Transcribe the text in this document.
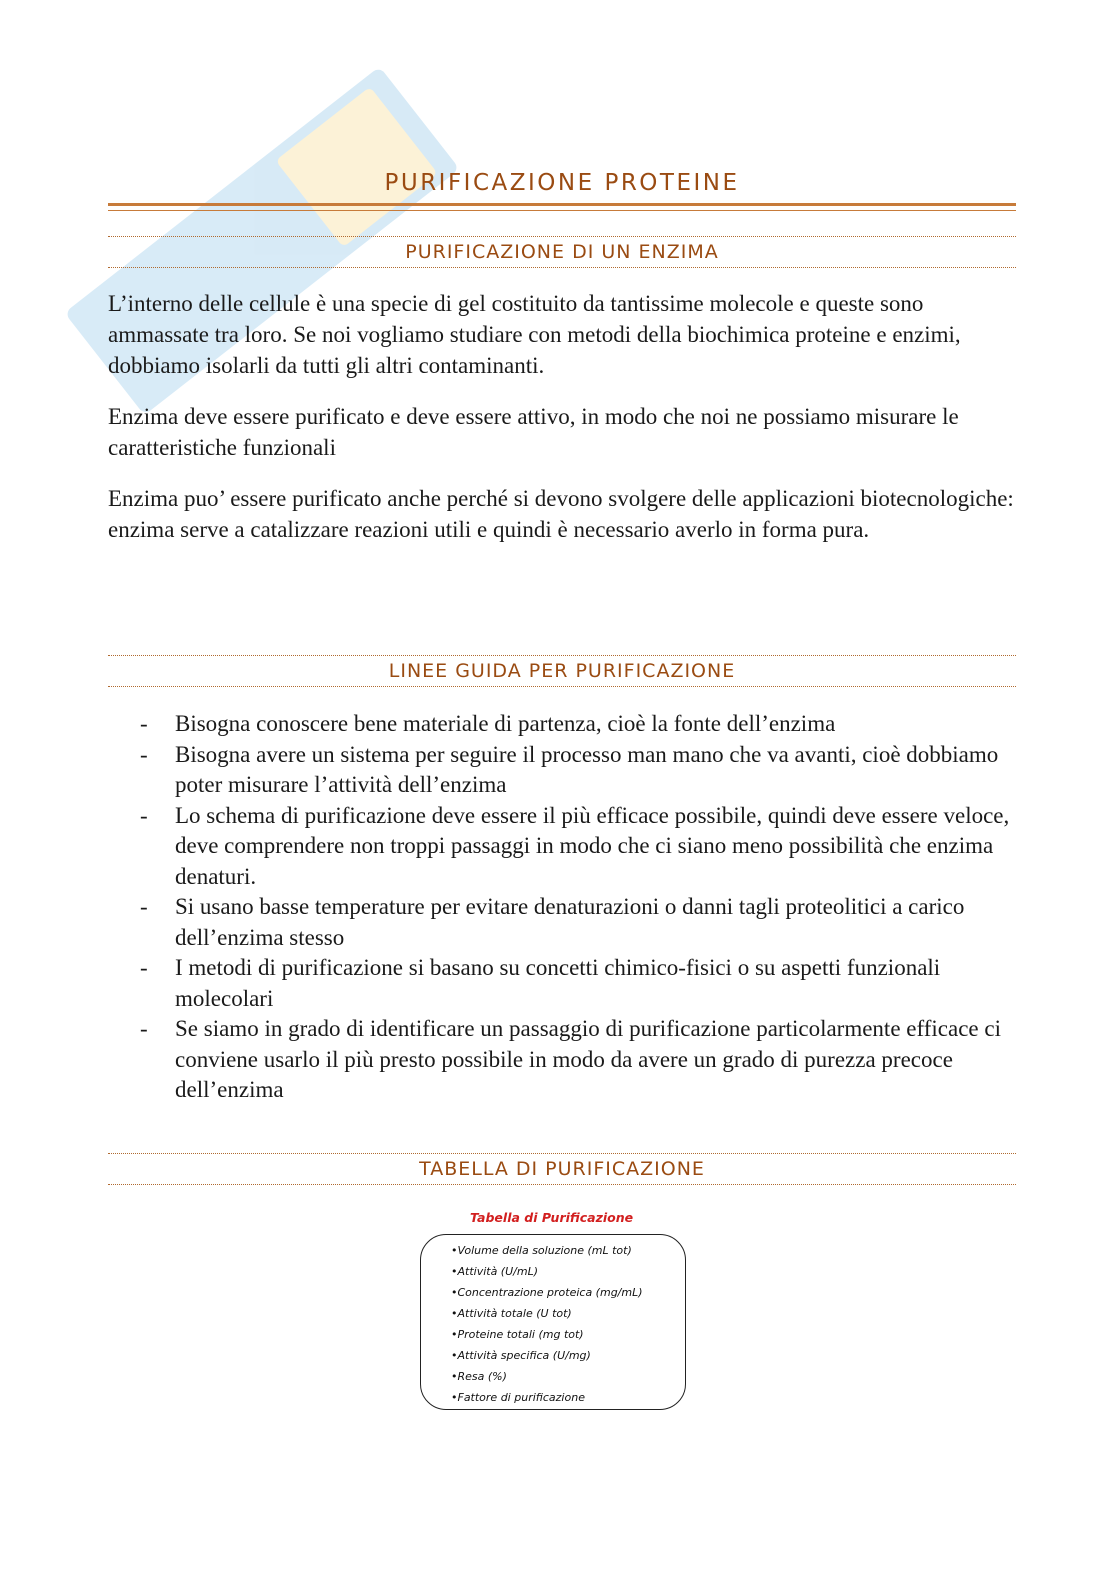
PURIFICAZIONE PROTEINE
PURIFICAZIONE DI UN ENZIMA

L’interno delle cellule è una specie di gel costituito da tantissime molecole e queste sono ammassate tra loro. Se noi vogliamo studiare con metodi della biochimica proteine e enzimi, dobbiamo isolarli da tutti gli altri contaminanti.

Enzima deve essere purificato e deve essere attivo, in modo che noi ne possiamo misurare le caratteristiche funzionali

Enzima puo’ essere purificato anche perché si devono svolgere delle applicazioni biotecnologiche: enzima serve a catalizzare reazioni utili e quindi è necessario averlo in forma pura.

LINEE GUIDA PER PURIFICAZIONE
- Bisogna conoscere bene materiale di partenza, cioè la fonte dell’enzima
- Bisogna avere un sistema per seguire il processo man mano che va avanti, cioè dobbiamo poter misurare l’attività dell’enzima
- Lo schema di purificazione deve essere il più efficace possibile, quindi deve essere veloce, deve comprendere non troppi passaggi in modo che ci siano meno possibilità che enzima denaturi.
- Si usano basse temperature per evitare denaturazioni o danni tagli proteolitici a carico dell’enzima stesso
- I metodi di purificazione si basano su concetti chimico-fisici o su aspetti funzionali molecolari
- Se siamo in grado di identificare un passaggio di purificazione particolarmente efficace ci conviene usarlo il più presto possibile in modo da avere un grado di purezza precoce dell’enzima
TABELLA DI PURIFICAZIONE
Tabella di Purificazione
•Volume della soluzione (mL tot)
•Attività (U/mL)
•Concentrazione proteica (mg/mL)
•Attività totale (U tot)
•Proteine totali (mg tot)
•Attività specifica (U/mg)
•Resa (%)
•Fattore di purificazione
